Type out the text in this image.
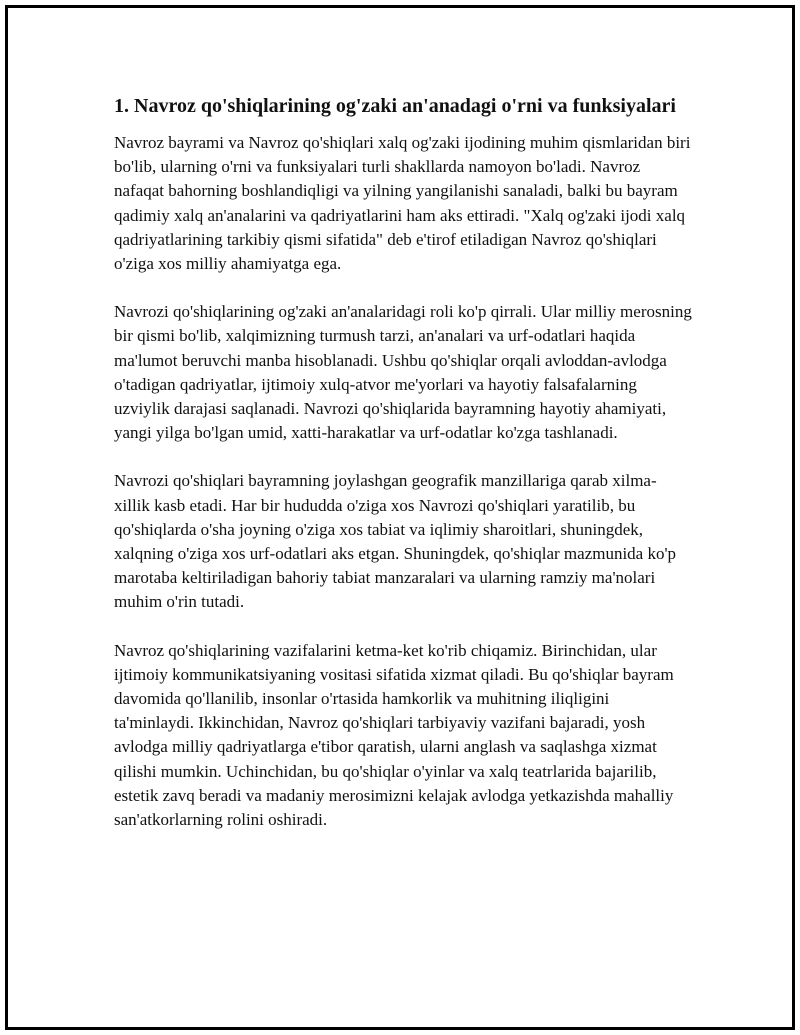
1. Navroz qo'shiqlarining og'zaki an'anadagi o'rni va funksiyalari

Navroz bayrami va Navroz qo'shiqlari xalq og'zaki ijodining muhim qismlaridan biri bo'lib, ularning o'rni va funksiyalari turli shakllarda namoyon bo'ladi. Navroz nafaqat bahorning boshlandiqligi va yilning yangilanishi sanaladi, balki bu bayram qadimiy xalq an'analarini va qadriyatlarini ham aks ettiradi. "Xalq og'zaki ijodi xalq qadriyatlarining tarkibiy qismi sifatida" deb e'tirof etiladigan Navroz qo'shiqlari o'ziga xos milliy ahamiyatga ega.

Navrozi qo'shiqlarining og'zaki an'analaridagi roli ko'p qirrali. Ular milliy merosning bir qismi bo'lib, xalqimizning turmush tarzi, an'analari va urf-odatlari haqida ma'lumot beruvchi manba hisoblanadi. Ushbu qo'shiqlar orqali avloddan-avlodga o'tadigan qadriyatlar, ijtimoiy xulq-atvor me'yorlari va hayotiy falsafalarning uzviylik darajasi saqlanadi. Navrozi qo'shiqlarida bayramning hayotiy ahamiyati, yangi yilga bo'lgan umid, xatti-harakatlar va urf-odatlar ko'zga tashlanadi.

Navrozi qo'shiqlari bayramning joylashgan geografik manzillariga qarab xilma-xillik kasb etadi. Har bir hududda o'ziga xos Navrozi qo'shiqlari yaratilib, bu qo'shiqlarda o'sha joyning o'ziga xos tabiat va iqlimiy sharoitlari, shuningdek, xalqning o'ziga xos urf-odatlari aks etgan. Shuningdek, qo'shiqlar mazmunida ko'p marotaba keltiriladigan bahoriy tabiat manzaralari va ularning ramziy ma'nolari muhim o'rin tutadi.

Navroz qo'shiqlarining vazifalarini ketma-ket ko'rib chiqamiz. Birinchidan, ular ijtimoiy kommunikatsiyaning vositasi sifatida xizmat qiladi. Bu qo'shiqlar bayram davomida qo'llanilib, insonlar o'rtasida hamkorlik va muhitning iliqligini ta'minlaydi. Ikkinchidan, Navroz qo'shiqlari tarbiyaviy vazifani bajaradi, yosh avlodga milliy qadriyatlarga e'tibor qaratish, ularni anglash va saqlashga xizmat qilishi mumkin. Uchinchidan, bu qo'shiqlar o'yinlar va xalq teatrlarida bajarilib, estetik zavq beradi va madaniy merosimizni kelajak avlodga yetkazishda mahalliy san'atkorlarning rolini oshiradi.
